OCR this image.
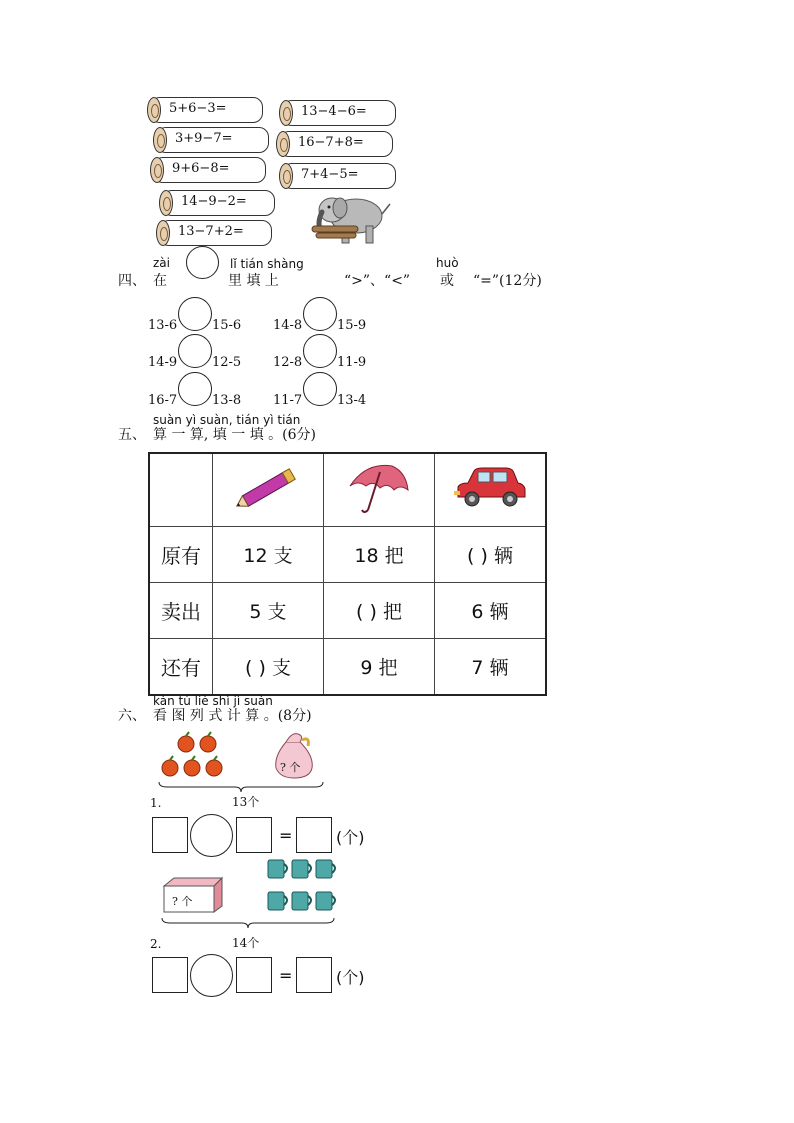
5+6−3=
3+9−7=
9+6−8=
14−9−2=
13−7+2=
13−4−6=
16−7+8=
7+4−5=
zài	lǐ tián shàng	huò
四、 在	里 填 上	“>”、“<” 或 “=”(12分)
13-6	15-6 14-8	15-9
14-9	12-5 12-8	11-9
16-7	13-8 11-7	13-4
suàn yì suàn, tián yì tián
五、 算 一 算, 填 一 填 。(6分)

原有	12 支	18 把	( ) 辆
卖出	5 支	( ) 把	6 辆
还有	( ) 支	9 把	7 辆
kàn tú liè shì jì suàn
六、 看 图 列 式 计 算 。(8分)
? 个
1.	13个
=	(个)
? 个
2.	14个
=	(个)
